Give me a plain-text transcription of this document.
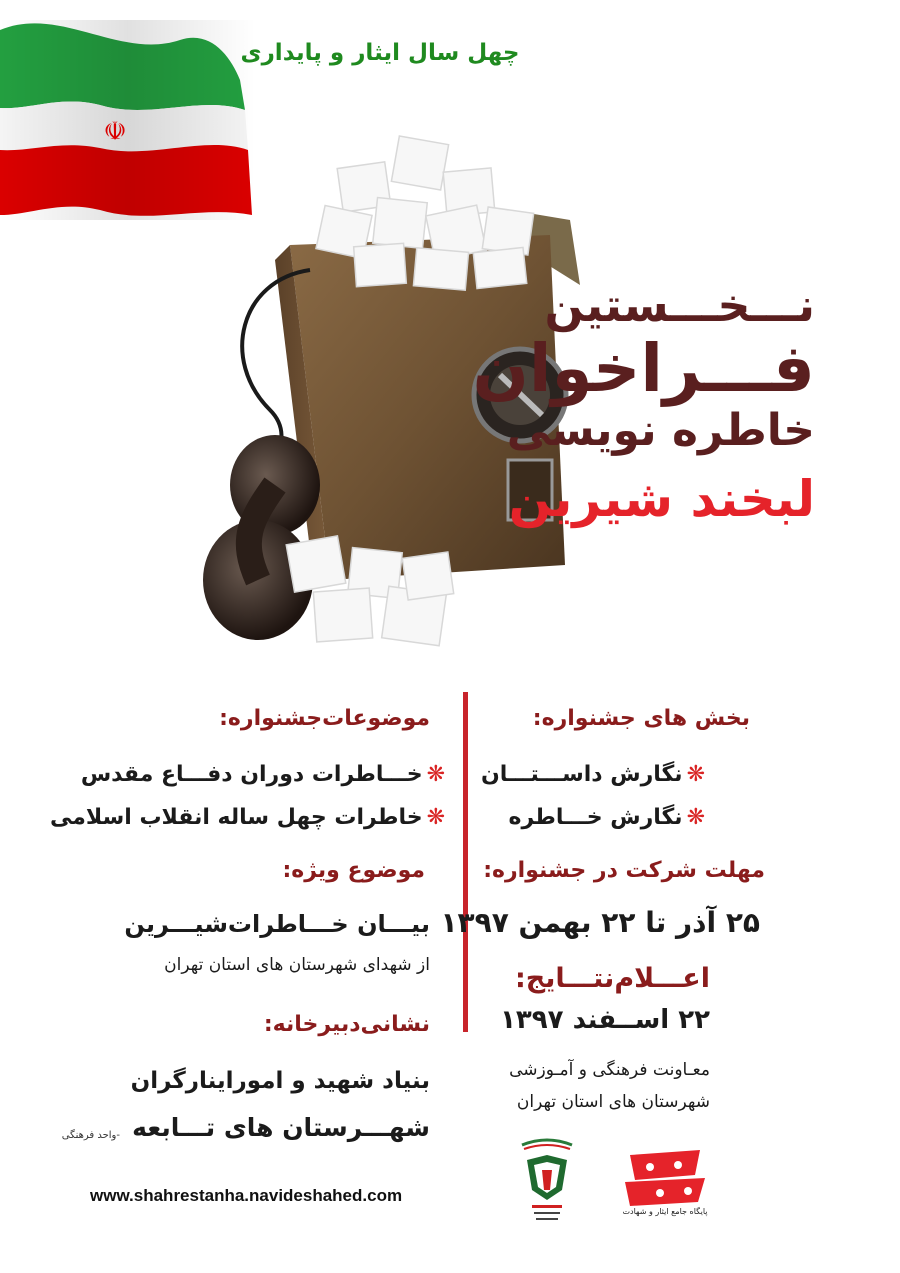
☫
چهل سال ایثار و پایداری
نـــخـــستین
فـــراخوان
خاطره نویسی
لبخند شیرین
بخش های جشنواره:
❋نگارش داســـتـــان
❋نگارش خـــاطره
مهلت شرکت در جشنواره:
۲۵ آذر تا ۲۲ بهمن ۱۳۹۷
اعـــلام‌نتـــایج:
۲۲ اســفند ۱۳۹۷
معـاونت فرهنگی و آمـوزشی
شهرستان های استان تهران
موضوعات‌جشنواره:
❋خـــاطرات دوران دفـــاع مقدس
❋خاطرات چهل ساله انقلاب اسلامی
موضوع ویژه:
بیـــان خـــاطرات‌شیـــرین
از شهدای شهرستان های استان تهران
نشانی‌دبیرخانه:
بنیاد شهید و اموراینارگران
شهـــرستان های تـــابعه
-واحد فرهنگی
www.shahrestanha.navideshahed.com
پایگاه جامع ایثار و شهادت
